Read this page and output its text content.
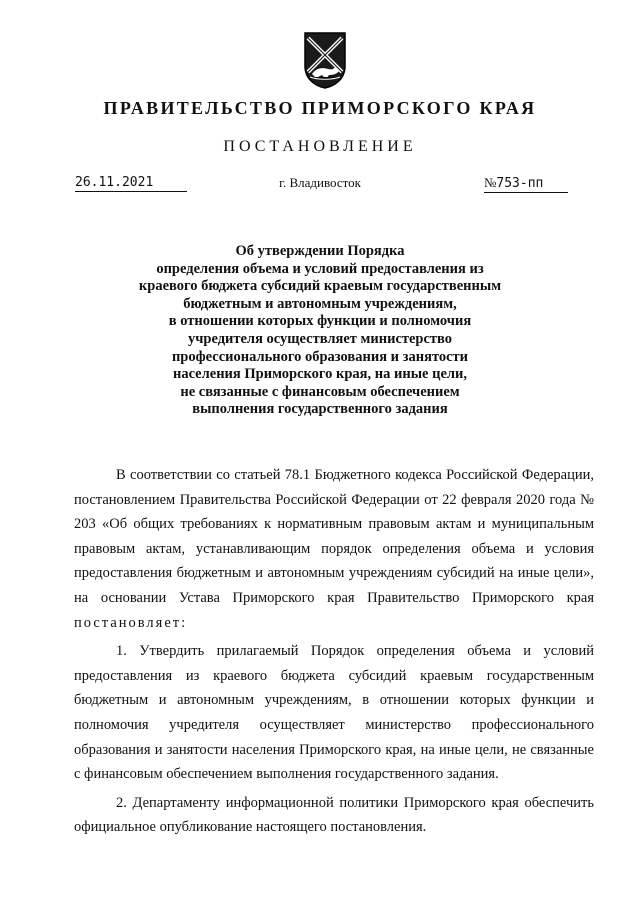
ПРАВИТЕЛЬСТВО ПРИМОРСКОГО КРАЯ
ПОСТАНОВЛЕНИЕ
26.11.2021	г. Владивосток	№753-пп
Об утверждении Порядка
определения объема и условий предоставления из
краевого бюджета субсидий краевым государственным
бюджетным и автономным учреждениям,
в отношении которых функции и полномочия
учредителя осуществляет министерство
профессионального образования и занятости
населения Приморского края, на иные цели,
не связанные с финансовым обеспечением
выполнения государственного задания

В соответствии со статьей 78.1 Бюджетного кодекса Российской Федерации, постановлением Правительства Российской Федерации от 22 февраля 2020 года № 203 «Об общих требованиях к нормативным правовым актам и муниципальным правовым актам, устанавливающим порядок определения объема и условия предоставления бюджетным и автономным учреждениям субсидий на иные цели», на основании Устава Приморского края Правительство Приморского края постановляет:

1. Утвердить прилагаемый Порядок определения объема и условий предоставления из краевого бюджета субсидий краевым государственным бюджетным и автономным учреждениям, в отношении которых функции и полномочия учредителя осуществляет министерство профессионального образования и занятости населения Приморского края, на иные цели, не связанные с финансовым обеспечением выполнения государственного задания.

2. Департаменту информационной политики Приморского края обеспечить официальное опубликование настоящего постановления.
